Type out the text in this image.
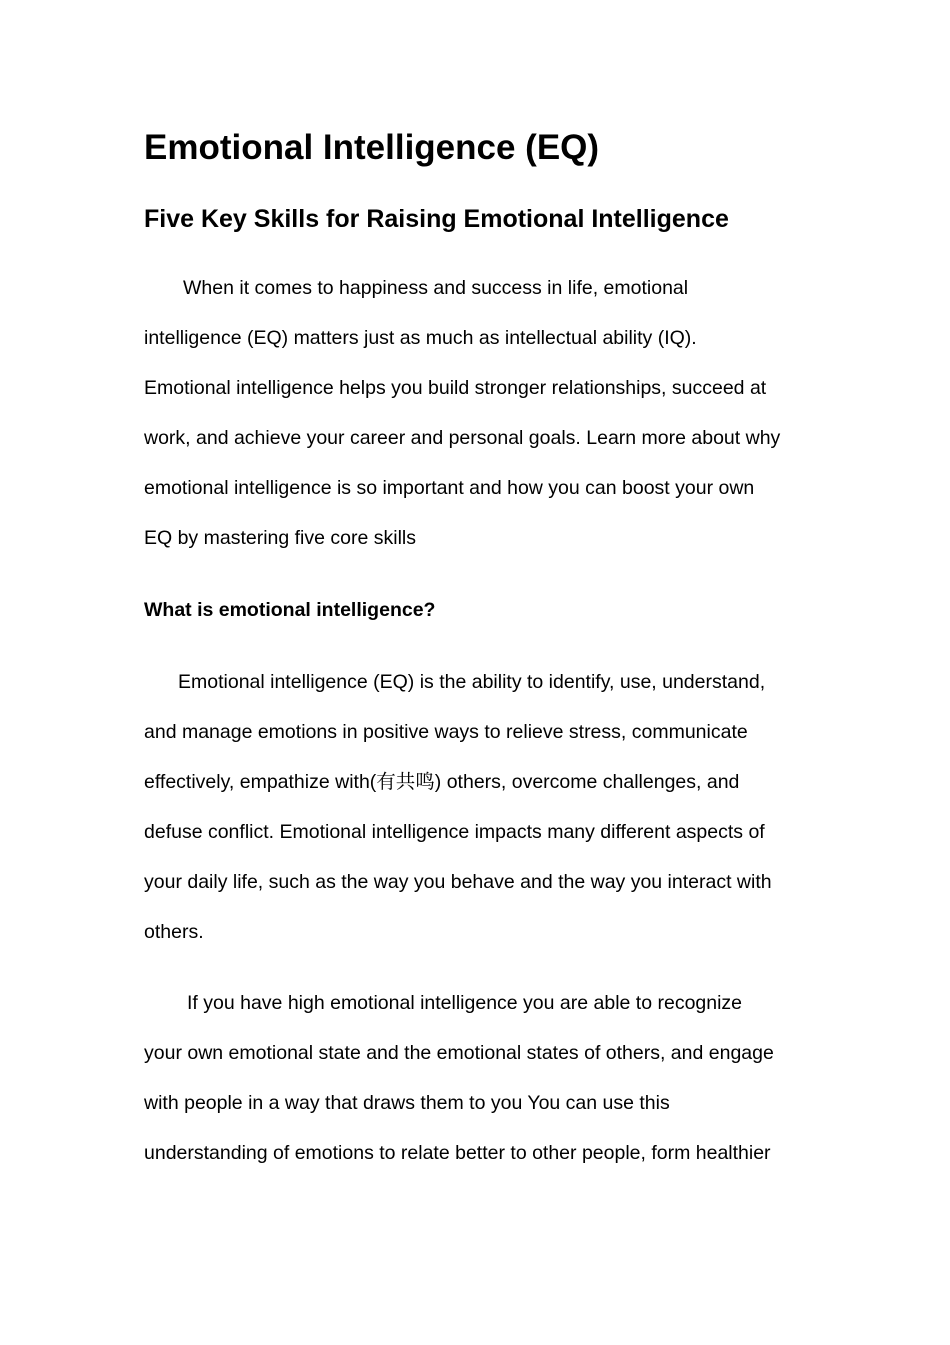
Emotional Intelligence (EQ)
Five Key Skills for Raising Emotional Intelligence

When it comes to happiness and success in life, emotional
intelligence (EQ) matters just as much as intellectual ability (IQ).
Emotional intelligence helps you build stronger relationships, succeed at
work, and achieve your career and personal goals. Learn more about why
emotional intelligence is so important and how you can boost your own
EQ by mastering five core skills

What is emotional intelligence?

Emotional intelligence (EQ) is the ability to identify, use, understand,
and manage emotions in positive ways to relieve stress, communicate
effectively, empathize with(有共鸣) others, overcome challenges, and
defuse conflict. Emotional intelligence impacts many different aspects of
your daily life, such as the way you behave and the way you interact with
others.

If you have high emotional intelligence you are able to recognize
your own emotional state and the emotional states of others, and engage
with people in a way that draws them to you You can use this
understanding of emotions to relate better to other people, form healthier
